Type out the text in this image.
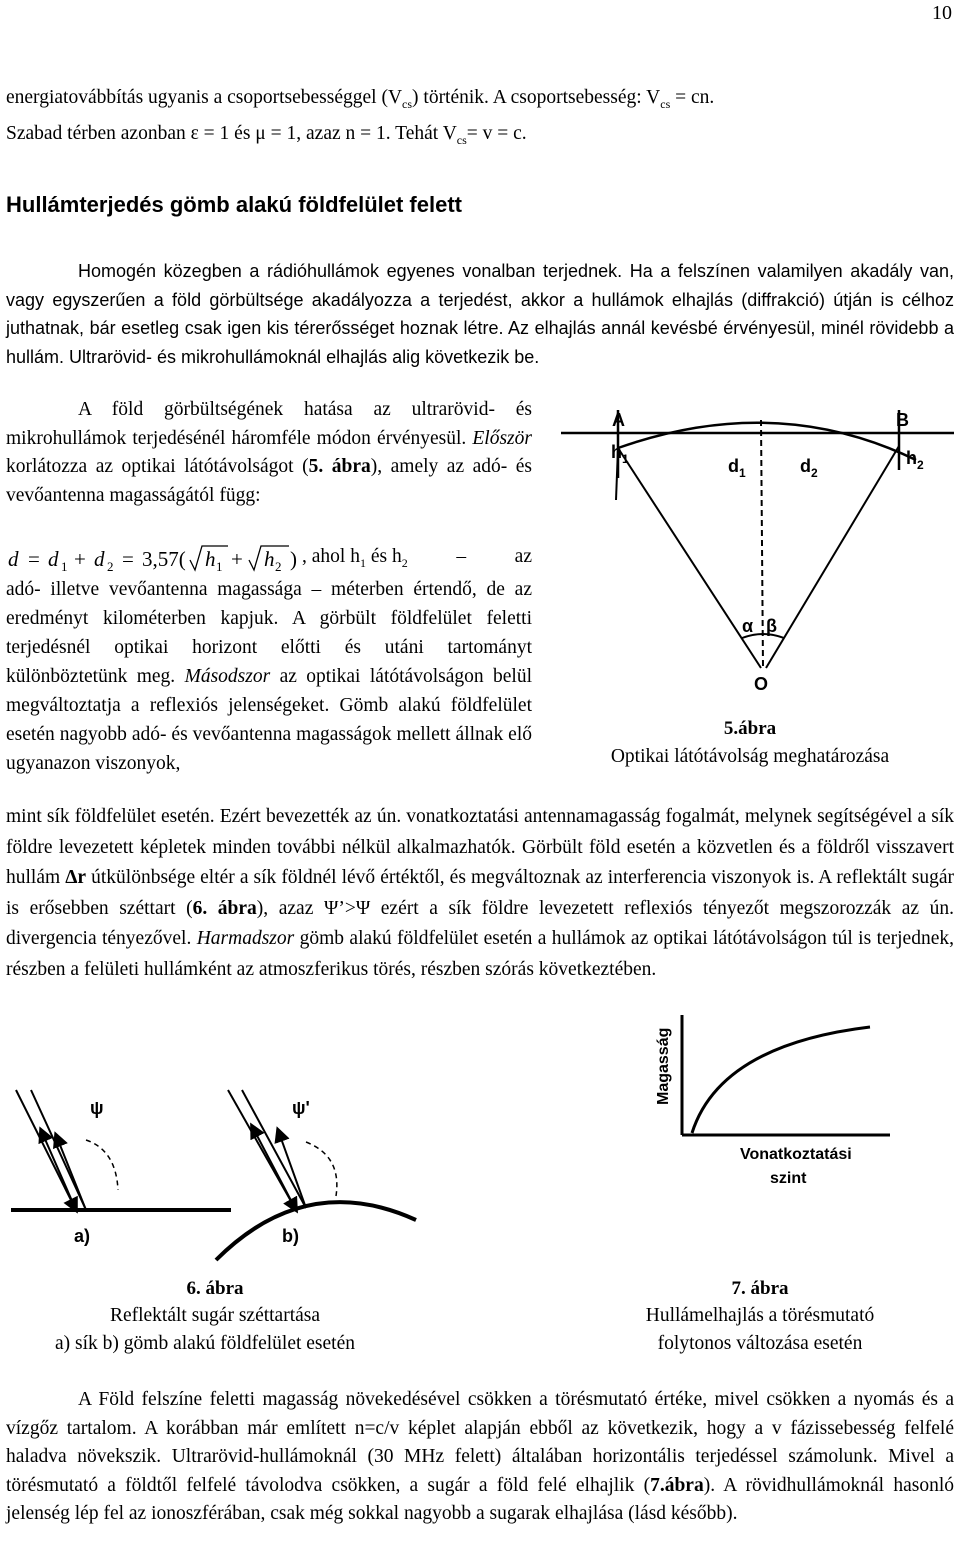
10
energiatovábbítás ugyanis a csoportsebességgel $(V_{cs})$ történik. A csoportsebesség: $V_{cs}$ = cn.
Szabad térben azonban ε = 1 és μ = 1, azaz n = 1. Tehát $V_{cs}= v = c$.
Hullámterjedés gömb alakú földfelület felett
Homogén közegben a rádióhullámok egyenes vonalban terjednek. Ha a felszínen valamilyen akadály van, vagy egyszerűen a föld görbültsége akadályozza a terjedést, akkor a hullámok elhajlás (diffrakció) útján is célhoz juthatnak, bár esetleg csak igen kis térerősséget hoznak létre. Az elhajlás annál kevésbé érvényesül, minél rövidebb a hullám. Ultrarövid- és mikrohullámoknál elhajlás alig következik be.
A föld görbültségének hatása az ultrarövid- és mikrohullámok terjedésénél háromféle módon érvényesül. Először korlátozza az optikai látótávolságot (5. ábra), amely az adó- és vevőantenna magasságától függ:
d = d 1 + d 2 = 3,57( h 1 + h 2 ) , ahol $h_1$ és $h_2$ – az
adó- illetve vevőantenna magassága – méterben értendő, de az eredményt kilométerben kapjuk. A görbült földfelület feletti terjedésnél optikai horizont előtti és utáni tartományt különböztetünk meg. Másodszor az optikai látótávolságon belül megváltoztatja a reflexiós jelenségeket. Gömb alakú földfelület esetén nagyobb adó- és vevőantenna magasságok mellett állnak elő ugyanazon viszonyok,
A	B
$h_1$	$h_2$
$d_1$	$d_2$
α β
O
5.ábra
Optikai látótávolság meghatározása
mint sík földfelület esetén. Ezért bevezették az ún. vonatkoztatási antennamagasság fogalmát, melynek segítségével a sík földre levezetett képletek minden további nélkül alkalmazhatók. Görbült föld esetén a közvetlen és a földről visszavert hullám Δr útkülönbsége eltér a sík földnél lévő értéktől, és megváltoznak az interferencia viszonyok is. A reflektált sugár is erősebben széttart (6. ábra), azaz Ψ’>Ψ ezért a sík földre levezetett reflexiós tényezőt megszorozzák az ún. divergencia tényezővel. Harmadszor gömb alakú földfelület esetén a hullámok az optikai látótávolságon túl is terjednek, részben a felületi hullámként az atmoszferikus törés, részben szórás következtében.
ψ
a)
ψ'
b)
6. ábra
Reflektált sugár széttartása
a) sík b) gömb alakú földfelület esetén
Magasság
Vonatkoztatási
szint
7. ábra
Hullámelhajlás a törésmutató
folytonos változása esetén
A Föld felszíne feletti magasság növekedésével csökken a törésmutató értéke, mivel csökken a nyomás és a vízgőz tartalom. A korábban már említett n=c/v képlet alapján ebből az következik, hogy a v fázissebesség felfelé haladva növekszik. Ultrarövid-hullámoknál (30 MHz felett) általában horizontális terjedéssel számolunk. Mivel a törésmutató a földtől felfelé távolodva csökken, a sugár a föld felé elhajlik (7.ábra). A rövidhullámoknál hasonló jelenség lép fel az ionoszférában, csak még sokkal nagyobb a sugarak elhajlása (lásd később).
